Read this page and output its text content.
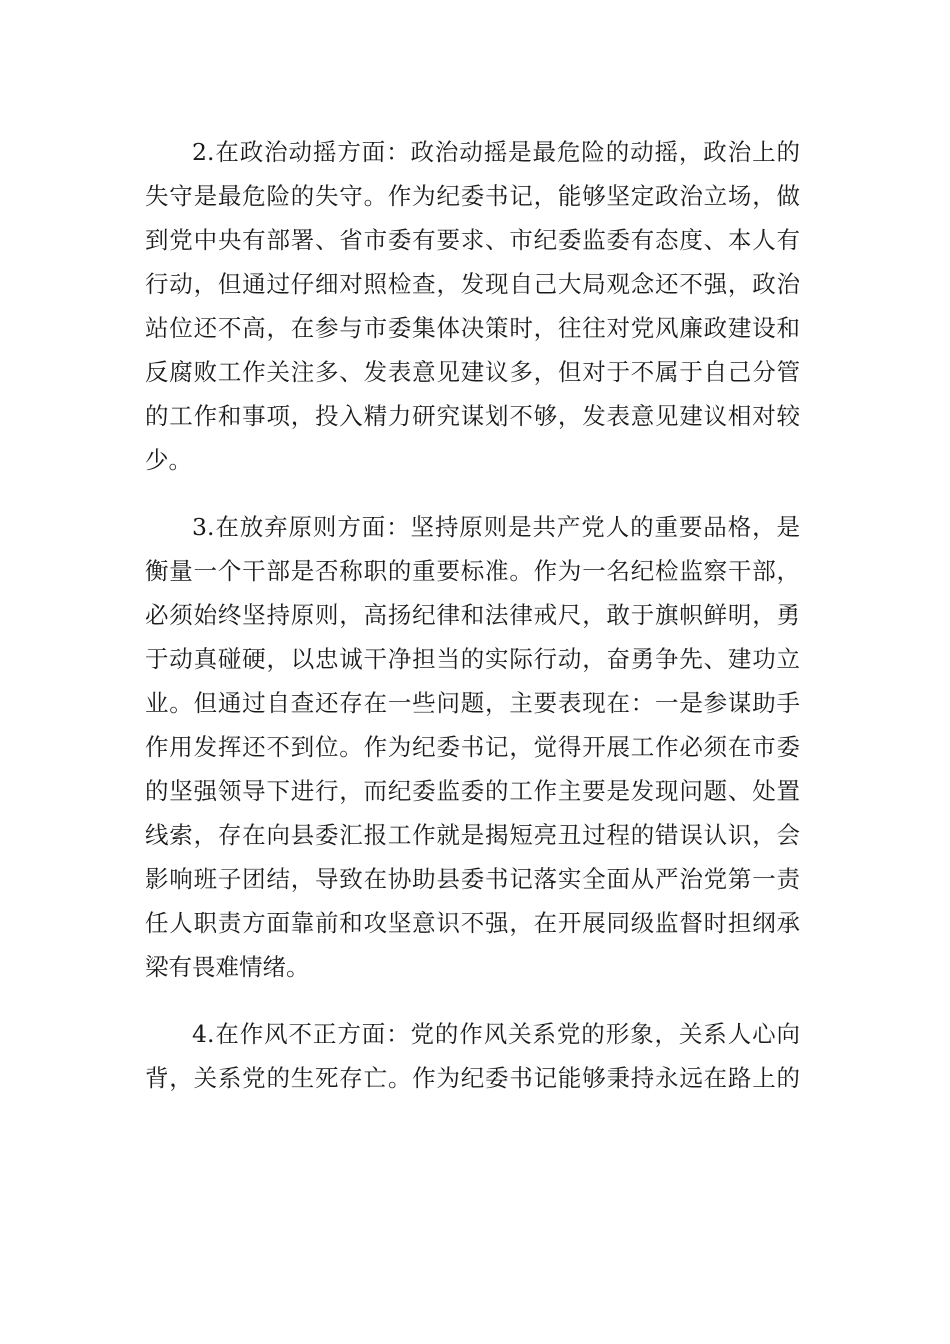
2.在政治动摇方面：政治动摇是最危险的动摇，政治上的
失守是最危险的失守。作为纪委书记，能够坚定政治立场，做
到党中央有部署、省市委有要求、市纪委监委有态度、本人有
行动，但通过仔细对照检查，发现自己大局观念还不强，政治
站位还不高，在参与市委集体决策时，往往对党风廉政建设和
反腐败工作关注多、发表意见建议多，但对于不属于自己分管
的工作和事项，投入精力研究谋划不够，发表意见建议相对较
少。

3.在放弃原则方面：坚持原则是共产党人的重要品格，是
衡量一个干部是否称职的重要标准。作为一名纪检监察干部，
必须始终坚持原则，高扬纪律和法律戒尺，敢于旗帜鲜明，勇
于动真碰硬，以忠诚干净担当的实际行动，奋勇争先、建功立
业。但通过自查还存在一些问题，主要表现在：一是参谋助手
作用发挥还不到位。作为纪委书记，觉得开展工作必须在市委
的坚强领导下进行，而纪委监委的工作主要是发现问题、处置
线索，存在向县委汇报工作就是揭短亮丑过程的错误认识，会
影响班子团结，导致在协助县委书记落实全面从严治党第一责
任人职责方面靠前和攻坚意识不强，在开展同级监督时担纲承
梁有畏难情绪。

4.在作风不正方面：党的作风关系党的形象，关系人心向
背，关系党的生死存亡。作为纪委书记能够秉持永远在路上的
